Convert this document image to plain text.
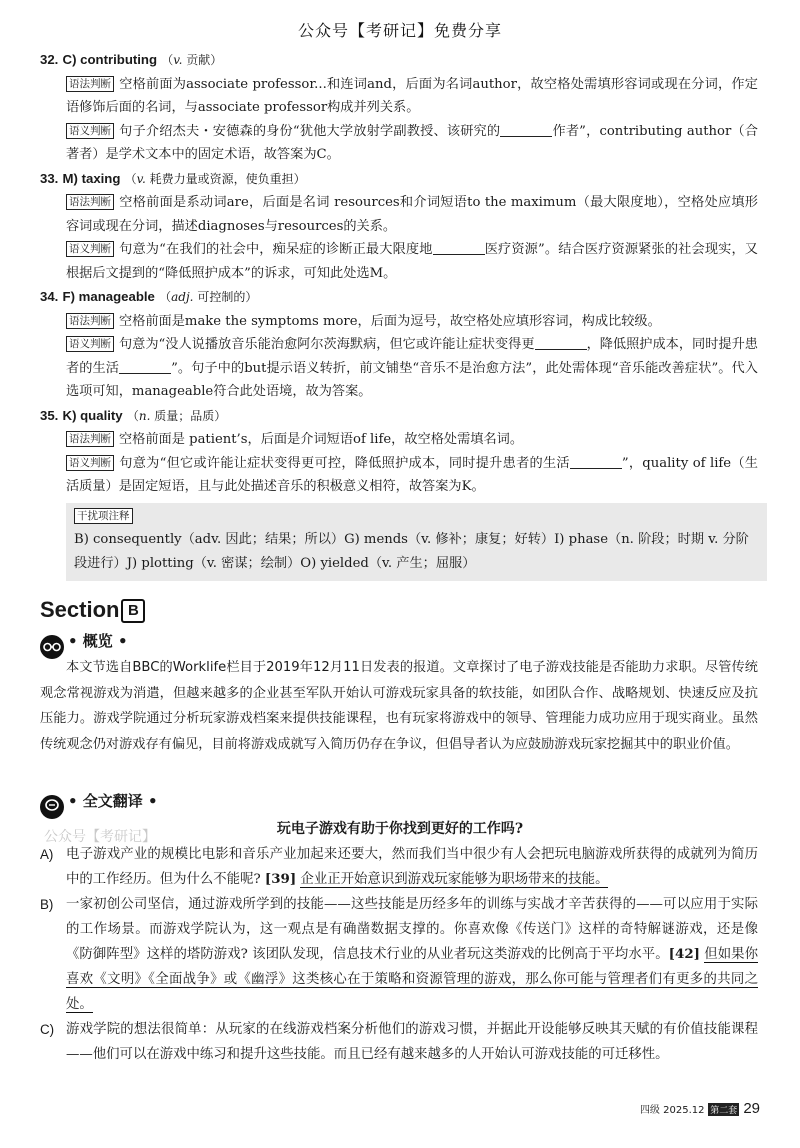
公众号【考研记】免费分享

32. C) contributing （v. 贡献）

语法判断 空格前面为associate professor...和连词and，后面为名词author，故空格处需填形容词或现在分词，作定语修饰后面的名词，与associate professor构成并列关系。

语义判断 句子介绍杰夫・安德森的身份“犹他大学放射学副教授、该研究的	作者”，contributing author（合著者）是学术文本中的固定术语，故答案为C。

33. M) taxing （v. 耗费力量或资源，使负重担）

语法判断 空格前面是系动词are，后面是名词 resources和介词短语to the maximum（最大限度地），空格处应填形容词或现在分词，描述diagnoses与resources的关系。

语义判断 句意为“在我们的社会中，痴呆症的诊断正最大限度地	医疗资源”。结合医疗资源紧张的社会现实，又根据后文提到的“降低照护成本”的诉求，可知此处选M。

34. F) manageable （adj. 可控制的）

语法判断 空格前面是make the symptoms more，后面为逗号，故空格处应填形容词，构成比较级。

语义判断 句意为“没人说播放音乐能治愈阿尔茨海默病，但它或许能让症状变得更	，降低照护成本，同时提升患者的生活	”。句子中的but提示语义转折，前文铺垫“音乐不是治愈方法”，此处需体现“音乐能改善症状”。代入选项可知，manageable符合此处语境，故为答案。

35. K) quality （n. 质量；品质）

语法判断 空格前面是 patient’s，后面是介词短语of life，故空格处需填名词。

语义判断 句意为“但它或许能让症状变得更可控，降低照护成本，同时提升患者的生活	”，quality of life（生活质量）是固定短语，且与此处描述音乐的积极意义相符，故答案为K。

干扰项注释
B) consequently（adv. 因此；结果；所以）G) mends（v. 修补；康复；好转）I) phase（n. 阶段；时期 v. 分阶段进行）J) plotting（v. 密谋；绘制）O) yielded（v. 产生；屈服）
Section B
• 概览 •
本文节选自BBC的Worklife栏目于2019年12月11日发表的报道。文章探讨了电子游戏技能是否能助力求职。尽管传统观念常视游戏为消遣，但越来越多的企业甚至军队开始认可游戏玩家具备的软技能，如团队合作、战略规划、快速反应及抗压能力。游戏学院通过分析玩家游戏档案来提供技能课程，也有玩家将游戏中的领导、管理能力成功应用于现实商业。虽然传统观念仍对游戏存有偏见，目前将游戏成就写入简历仍存在争议，但倡导者认为应鼓励游戏玩家挖掘其中的职业价值。
• 全文翻译 •
公众号【考研记】	玩电子游戏有助于你找到更好的工作吗?
A) 电子游戏产业的规模比电影和音乐产业加起来还要大，然而我们当中很少有人会把玩电脑游戏所获得的成就列为简历中的工作经历。但为什么不能呢? [39] 企业正开始意识到游戏玩家能够为职场带来的技能。
B) 一家初创公司坚信，通过游戏所学到的技能——这些技能是历经多年的训练与实战才辛苦获得的——可以应用于实际的工作场景。而游戏学院认为，这一观点是有确凿数据支撑的。你喜欢像《传送门》这样的奇特解谜游戏，还是像《防御阵型》这样的塔防游戏? 该团队发现，信息技术行业的从业者玩这类游戏的比例高于平均水平。[42] 但如果你喜欢《文明》《全面战争》或《幽浮》这类核心在于策略和资源管理的游戏，那么你可能与管理者们有更多的共同之处。
C) 游戏学院的想法很简单：从玩家的在线游戏档案分析他们的游戏习惯，并据此开设能够反映其天赋的有价值技能课程——他们可以在游戏中练习和提升这些技能。而且已经有越来越多的人开始认可游戏技能的可迁移性。
四级 2025.12 第二套 29
